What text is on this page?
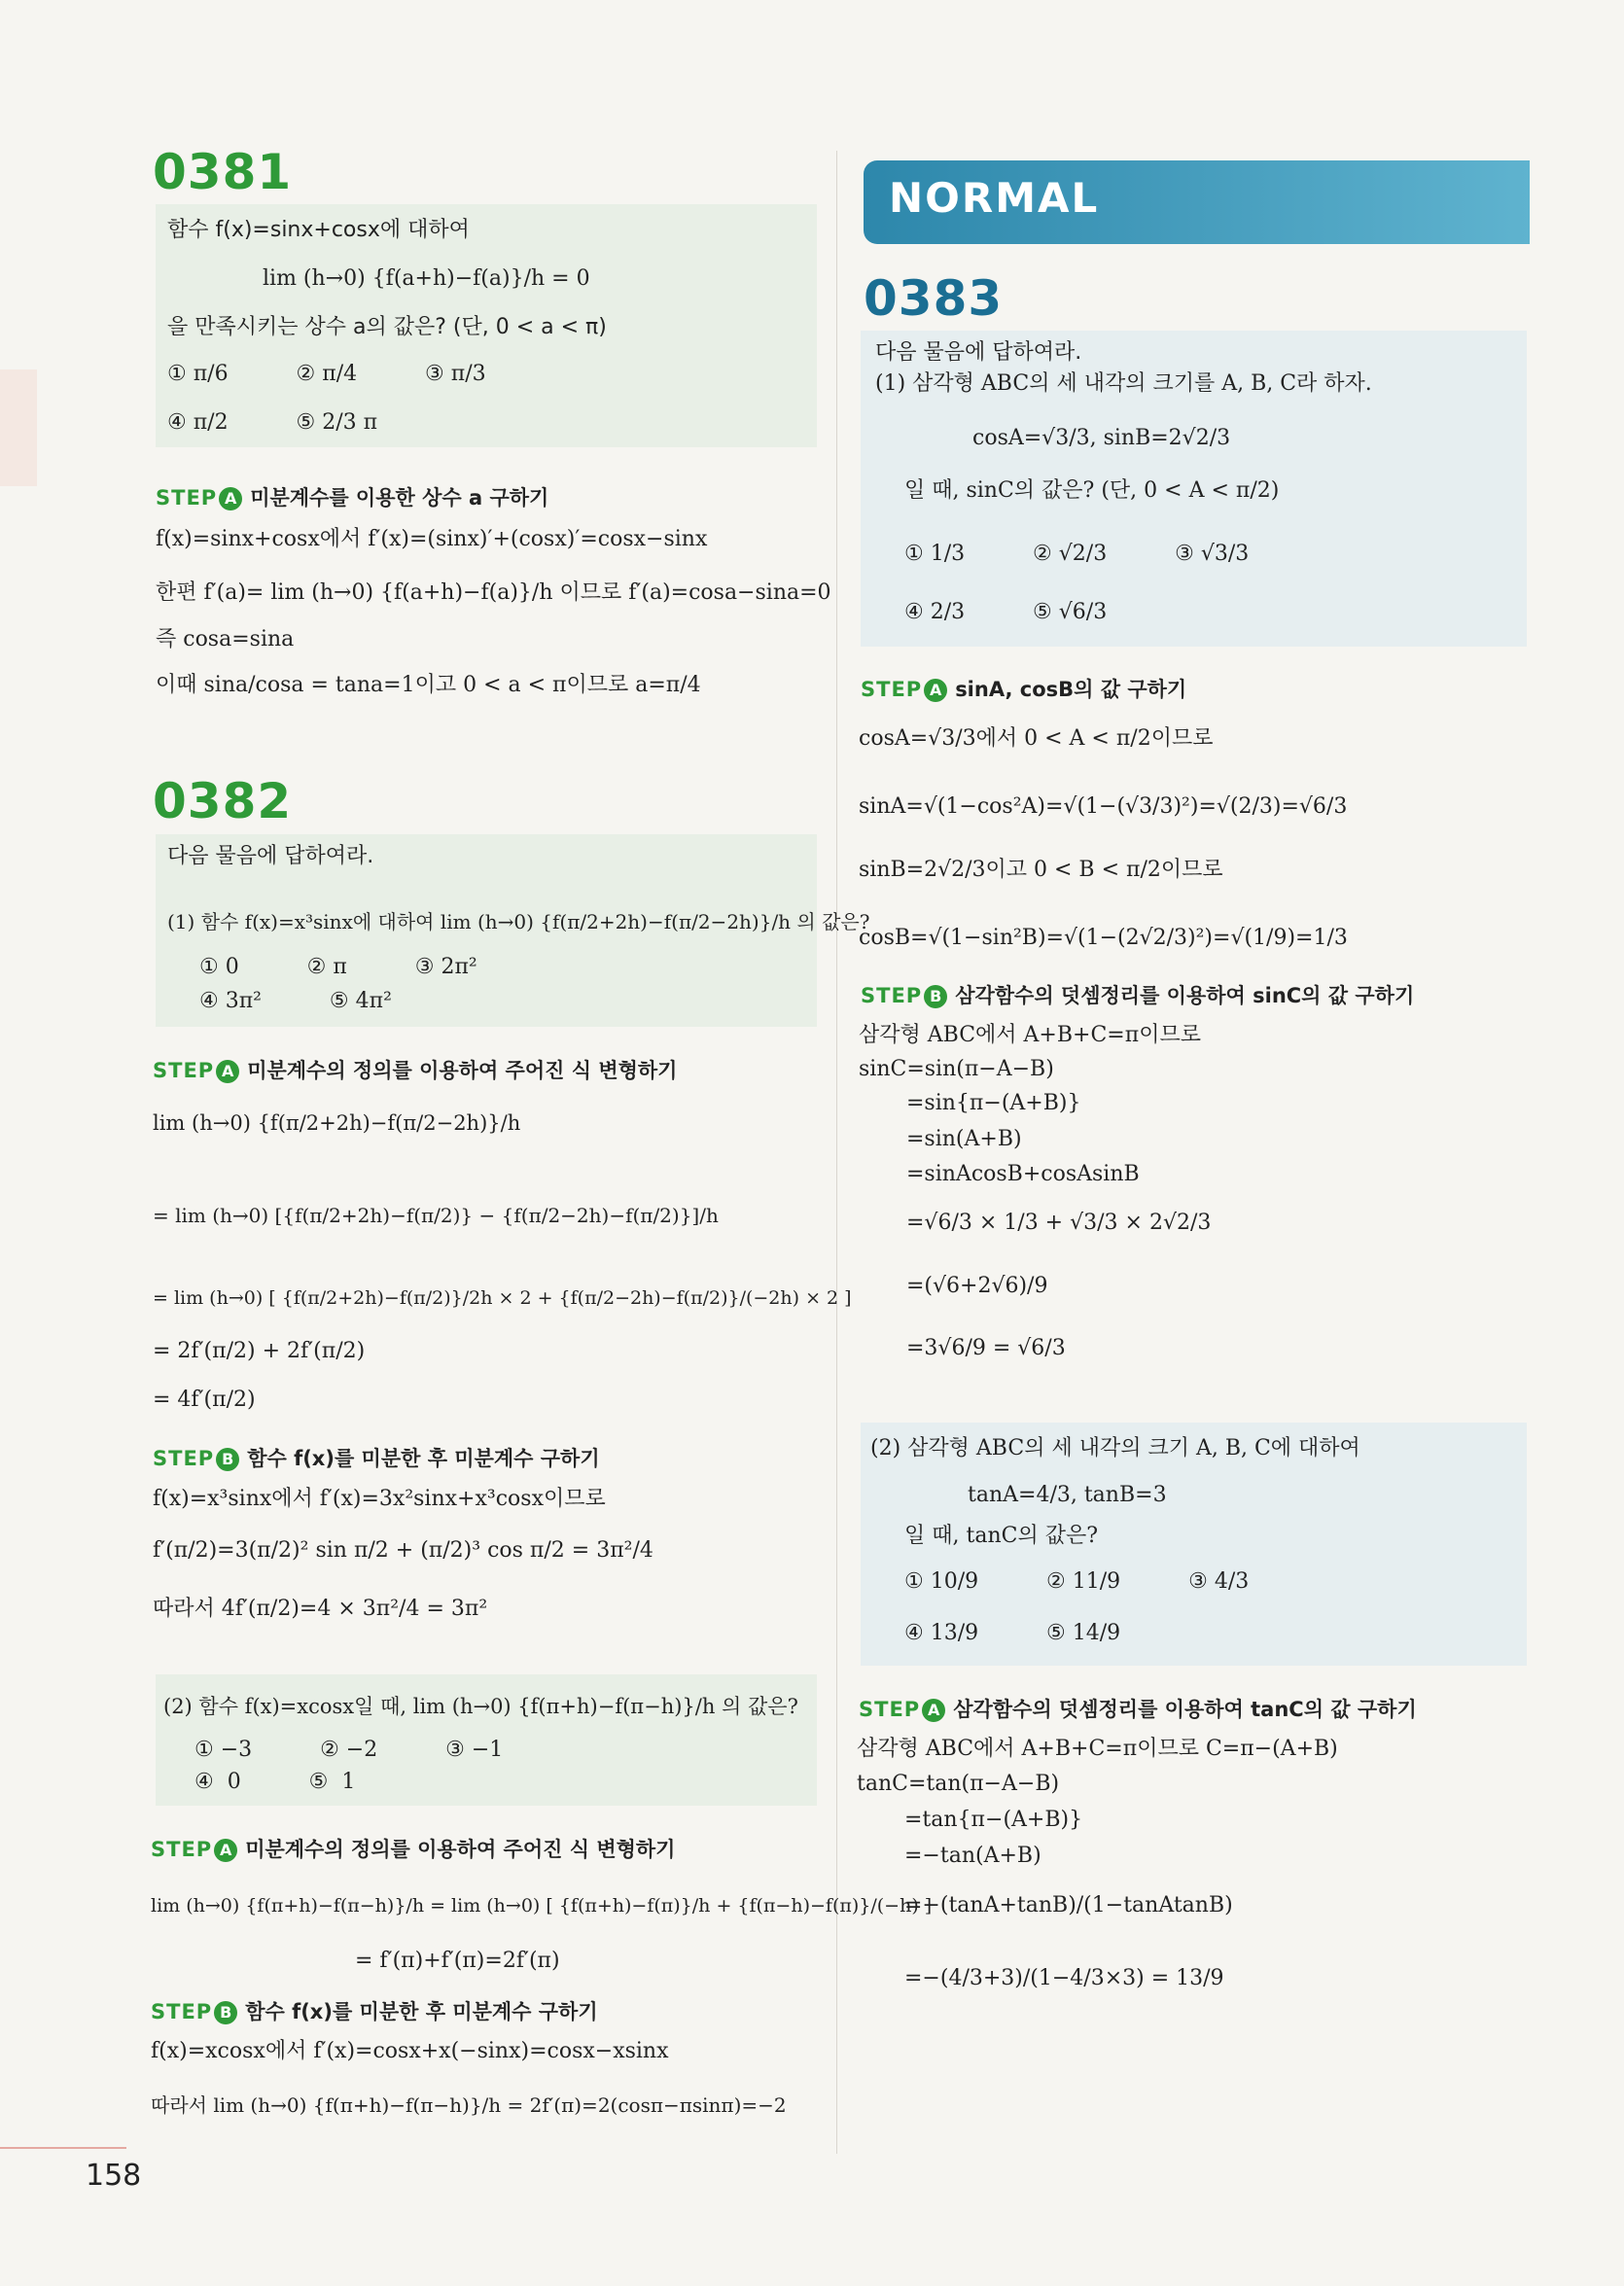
0381
함수 f(x)=sinx+cosx에 대하여
lim (h→0) {f(a+h)−f(a)}/h = 0
을 만족시키는 상수 a의 값은? (단, 0 < a < π)
① π/6          ② π/4          ③ π/3
④ π/2          ⑤ 2/3 π
STEP A 미분계수를 이용한 상수 a 구하기
f(x)=sinx+cosx에서 f′(x)=(sinx)′+(cosx)′=cosx−sinx
한편 f′(a)= lim (h→0) {f(a+h)−f(a)}/h 이므로 f′(a)=cosa−sina=0
즉 cosa=sina
이때 sina/cosa = tana=1이고 0 < a < π이므로 a=π/4
0382
다음 물음에 답하여라.
(1) 함수 f(x)=x³sinx에 대하여 lim (h→0) {f(π/2+2h)−f(π/2−2h)}/h 의 값은?
① 0          ② π          ③ 2π²
④ 3π²          ⑤ 4π²
STEP A 미분계수의 정의를 이용하여 주어진 식 변형하기
lim (h→0) {f(π/2+2h)−f(π/2−2h)}/h
= lim (h→0) [{f(π/2+2h)−f(π/2)} − {f(π/2−2h)−f(π/2)}]/h
= lim (h→0) [ {f(π/2+2h)−f(π/2)}/2h × 2 + {f(π/2−2h)−f(π/2)}/(−2h) × 2 ]
= 2f′(π/2) + 2f′(π/2)
= 4f′(π/2)
STEP B 함수 f(x)를 미분한 후 미분계수 구하기
f(x)=x³sinx에서 f′(x)=3x²sinx+x³cosx이므로
f′(π/2)=3(π/2)² sin π/2 + (π/2)³ cos π/2 = 3π²/4
따라서 4f′(π/2)=4 × 3π²/4 = 3π²
(2) 함수 f(x)=xcosx일 때, lim (h→0) {f(π+h)−f(π−h)}/h 의 값은?
① −3          ② −2          ③ −1
④  0          ⑤  1
STEP A 미분계수의 정의를 이용하여 주어진 식 변형하기
lim (h→0) {f(π+h)−f(π−h)}/h = lim (h→0) [ {f(π+h)−f(π)}/h + {f(π−h)−f(π)}/(−h) ]
= f′(π)+f′(π)=2f′(π)
STEP B 함수 f(x)를 미분한 후 미분계수 구하기
f(x)=xcosx에서 f′(x)=cosx+x(−sinx)=cosx−xsinx
따라서 lim (h→0) {f(π+h)−f(π−h)}/h = 2f′(π)=2(cosπ−πsinπ)=−2
NORMAL
0383
다음 물음에 답하여라.
(1) 삼각형 ABC의 세 내각의 크기를 A, B, C라 하자.
cosA=√3/3, sinB=2√2/3
일 때, sinC의 값은? (단, 0 < A < π/2)
① 1/3          ② √2/3          ③ √3/3
④ 2/3          ⑤ √6/3
STEP A sinA, cosB의 값 구하기
cosA=√3/3에서 0 < A < π/2이므로
sinA=√(1−cos²A)=√(1−(√3/3)²)=√(2/3)=√6/3
sinB=2√2/3이고 0 < B < π/2이므로
cosB=√(1−sin²B)=√(1−(2√2/3)²)=√(1/9)=1/3
STEP B 삼각함수의 덧셈정리를 이용하여 sinC의 값 구하기
삼각형 ABC에서 A+B+C=π이므로
sinC=sin(π−A−B)
=sin{π−(A+B)}
=sin(A+B)
=sinAcosB+cosAsinB
=√6/3 × 1/3 + √3/3 × 2√2/3
=(√6+2√6)/9
=3√6/9 = √6/3
(2) 삼각형 ABC의 세 내각의 크기 A, B, C에 대하여
tanA=4/3, tanB=3
일 때, tanC의 값은?
① 10/9          ② 11/9          ③ 4/3
④ 13/9          ⑤ 14/9
STEP A 삼각함수의 덧셈정리를 이용하여 tanC의 값 구하기
삼각형 ABC에서 A+B+C=π이므로 C=π−(A+B)
tanC=tan(π−A−B)
=tan{π−(A+B)}
=−tan(A+B)
=−(tanA+tanB)/(1−tanAtanB)
=−(4/3+3)/(1−4/3×3) = 13/9
158
